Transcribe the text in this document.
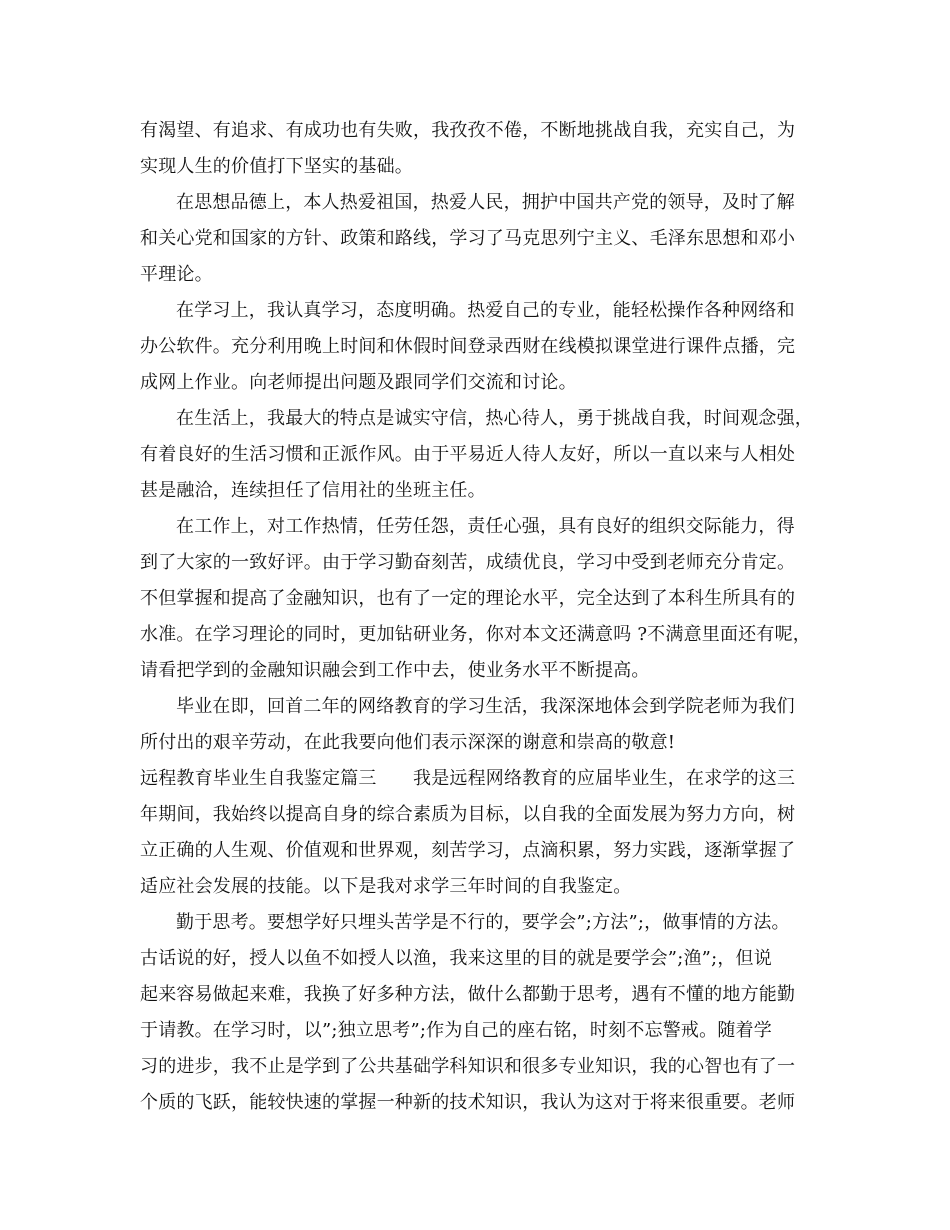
有渴望、有追求、有成功也有失败，我孜孜不倦，不断地挑战自我，充实自己，为
实现人生的价值打下坚实的基础。
在思想品德上，本人热爱祖国，热爱人民，拥护中国共产党的领导，及时了解
和关心党和国家的方针、政策和路线，学习了马克思列宁主义、毛泽东思想和邓小
平理论。
在学习上，我认真学习，态度明确。热爱自己的专业，能轻松操作各种网络和
办公软件。充分利用晚上时间和休假时间登录西财在线模拟课堂进行课件点播，完
成网上作业。向老师提出问题及跟同学们交流和讨论。
在生活上，我最大的特点是诚实守信，热心待人，勇于挑战自我，时间观念强，
有着良好的生活习惯和正派作风。由于平易近人待人友好，所以一直以来与人相处
甚是融洽，连续担任了信用社的坐班主任。
在工作上，对工作热情，任劳任怨，责任心强，具有良好的组织交际能力，得
到了大家的一致好评。由于学习勤奋刻苦，成绩优良，学习中受到老师充分肯定。
不但掌握和提高了金融知识，也有了一定的理论水平，完全达到了本科生所具有的
水准。在学习理论的同时，更加钻研业务，你对本文还满意吗 ?不满意里面还有呢，
请看把学到的金融知识融会到工作中去，使业务水平不断提高。
毕业在即，回首二年的网络教育的学习生活，我深深地体会到学院老师为我们
所付出的艰辛劳动，在此我要向他们表示深深的谢意和崇高的敬意!
远程教育毕业生自我鉴定篇三　　我是远程网络教育的应届毕业生，在求学的这三
年期间，我始终以提高自身的综合素质为目标，以自我的全面发展为努力方向，树
立正确的人生观、价值观和世界观，刻苦学习，点滴积累，努力实践，逐渐掌握了
适应社会发展的技能。以下是我对求学三年时间的自我鉴定。
勤于思考。要想学好只埋头苦学是不行的，要学会”;方法”;，做事情的方法。
古话说的好，授人以鱼不如授人以渔，我来这里的目的就是要学会”;渔”;，但说
起来容易做起来难，我换了好多种方法，做什么都勤于思考，遇有不懂的地方能勤
于请教。在学习时，以”;独立思考”;作为自己的座右铭，时刻不忘警戒。随着学
习的进步，我不止是学到了公共基础学科知识和很多专业知识，我的心智也有了一
个质的飞跃，能较快速的掌握一种新的技术知识，我认为这对于将来很重要。老师
